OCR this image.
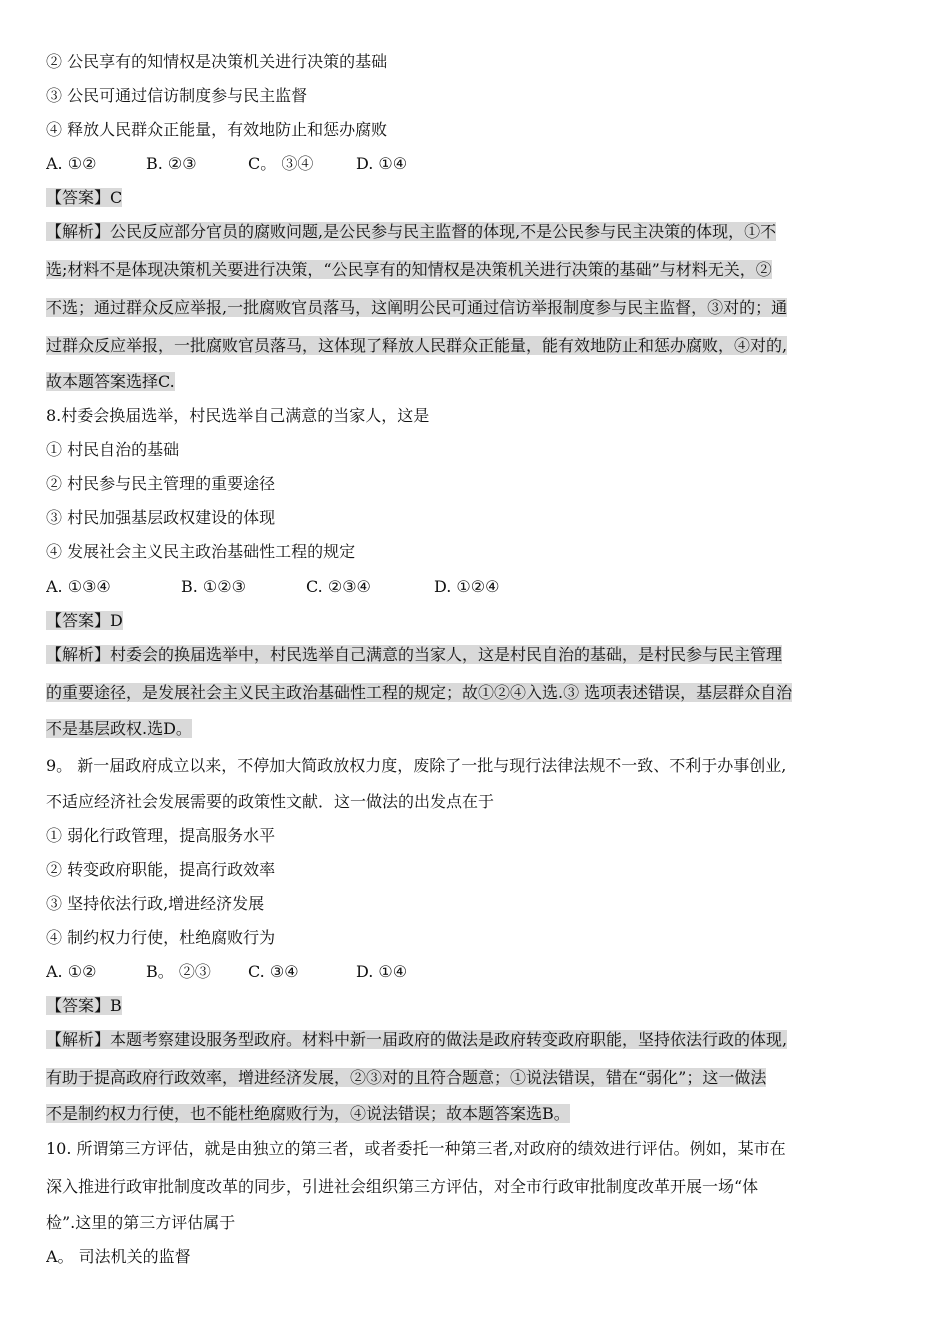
② 公民享有的知情权是决策机关进行决策的基础
③ 公民可通过信访制度参与民主监督
④ 释放人民群众正能量，有效地防止和惩办腐败
A. ①②	B. ②③	C。 ③④	D. ①④
【答案】C
【解析】公民反应部分官员的腐败问题,是公民参与民主监督的体现,不是公民参与民主决策的体现，①不
选;材料不是体现决策机关要进行决策，“公民享有的知情权是决策机关进行决策的基础”与材料无关，②
不选；通过群众反应举报,一批腐败官员落马，这阐明公民可通过信访举报制度参与民主监督，③对的；通
过群众反应举报，一批腐败官员落马，这体现了释放人民群众正能量，能有效地防止和惩办腐败，④对的,
故本题答案选择C.
8.村委会换届选举，村民选举自己满意的当家人，这是
① 村民自治的基础
② 村民参与民主管理的重要途径
③ 村民加强基层政权建设的体现
④ 发展社会主义民主政治基础性工程的规定
A. ①③④	B. ①②③	C. ②③④	D. ①②④
【答案】D
【解析】村委会的换届选举中，村民选举自己满意的当家人，这是村民自治的基础，是村民参与民主管理
的重要途径，是发展社会主义民主政治基础性工程的规定；故①②④入选.③ 选项表述错误，基层群众自治
不是基层政权.选D。
9。 新一届政府成立以来，不停加大简政放权力度，废除了一批与现行法律法规不一致、不利于办事创业,
不适应经济社会发展需要的政策性文献．这一做法的出发点在于
① 弱化行政管理，提高服务水平
② 转变政府职能，提高行政效率
③ 坚持依法行政,增进经济发展
④ 制约权力行使，杜绝腐败行为
A. ①②	B。 ②③	C. ③④	D. ①④
【答案】B
【解析】本题考察建设服务型政府。材料中新一届政府的做法是政府转变政府职能，坚持依法行政的体现,
有助于提高政府行政效率，增进经济发展，②③对的且符合题意；①说法错误，错在“弱化”；这一做法
不是制约权力行使，也不能杜绝腐败行为，④说法错误；故本题答案选B。
10. 所谓第三方评估，就是由独立的第三者，或者委托一种第三者,对政府的绩效进行评估。例如，某市在
深入推进行政审批制度改革的同步，引进社会组织第三方评估，对全市行政审批制度改革开展一场“体
检”.这里的第三方评估属于
A。 司法机关的监督
